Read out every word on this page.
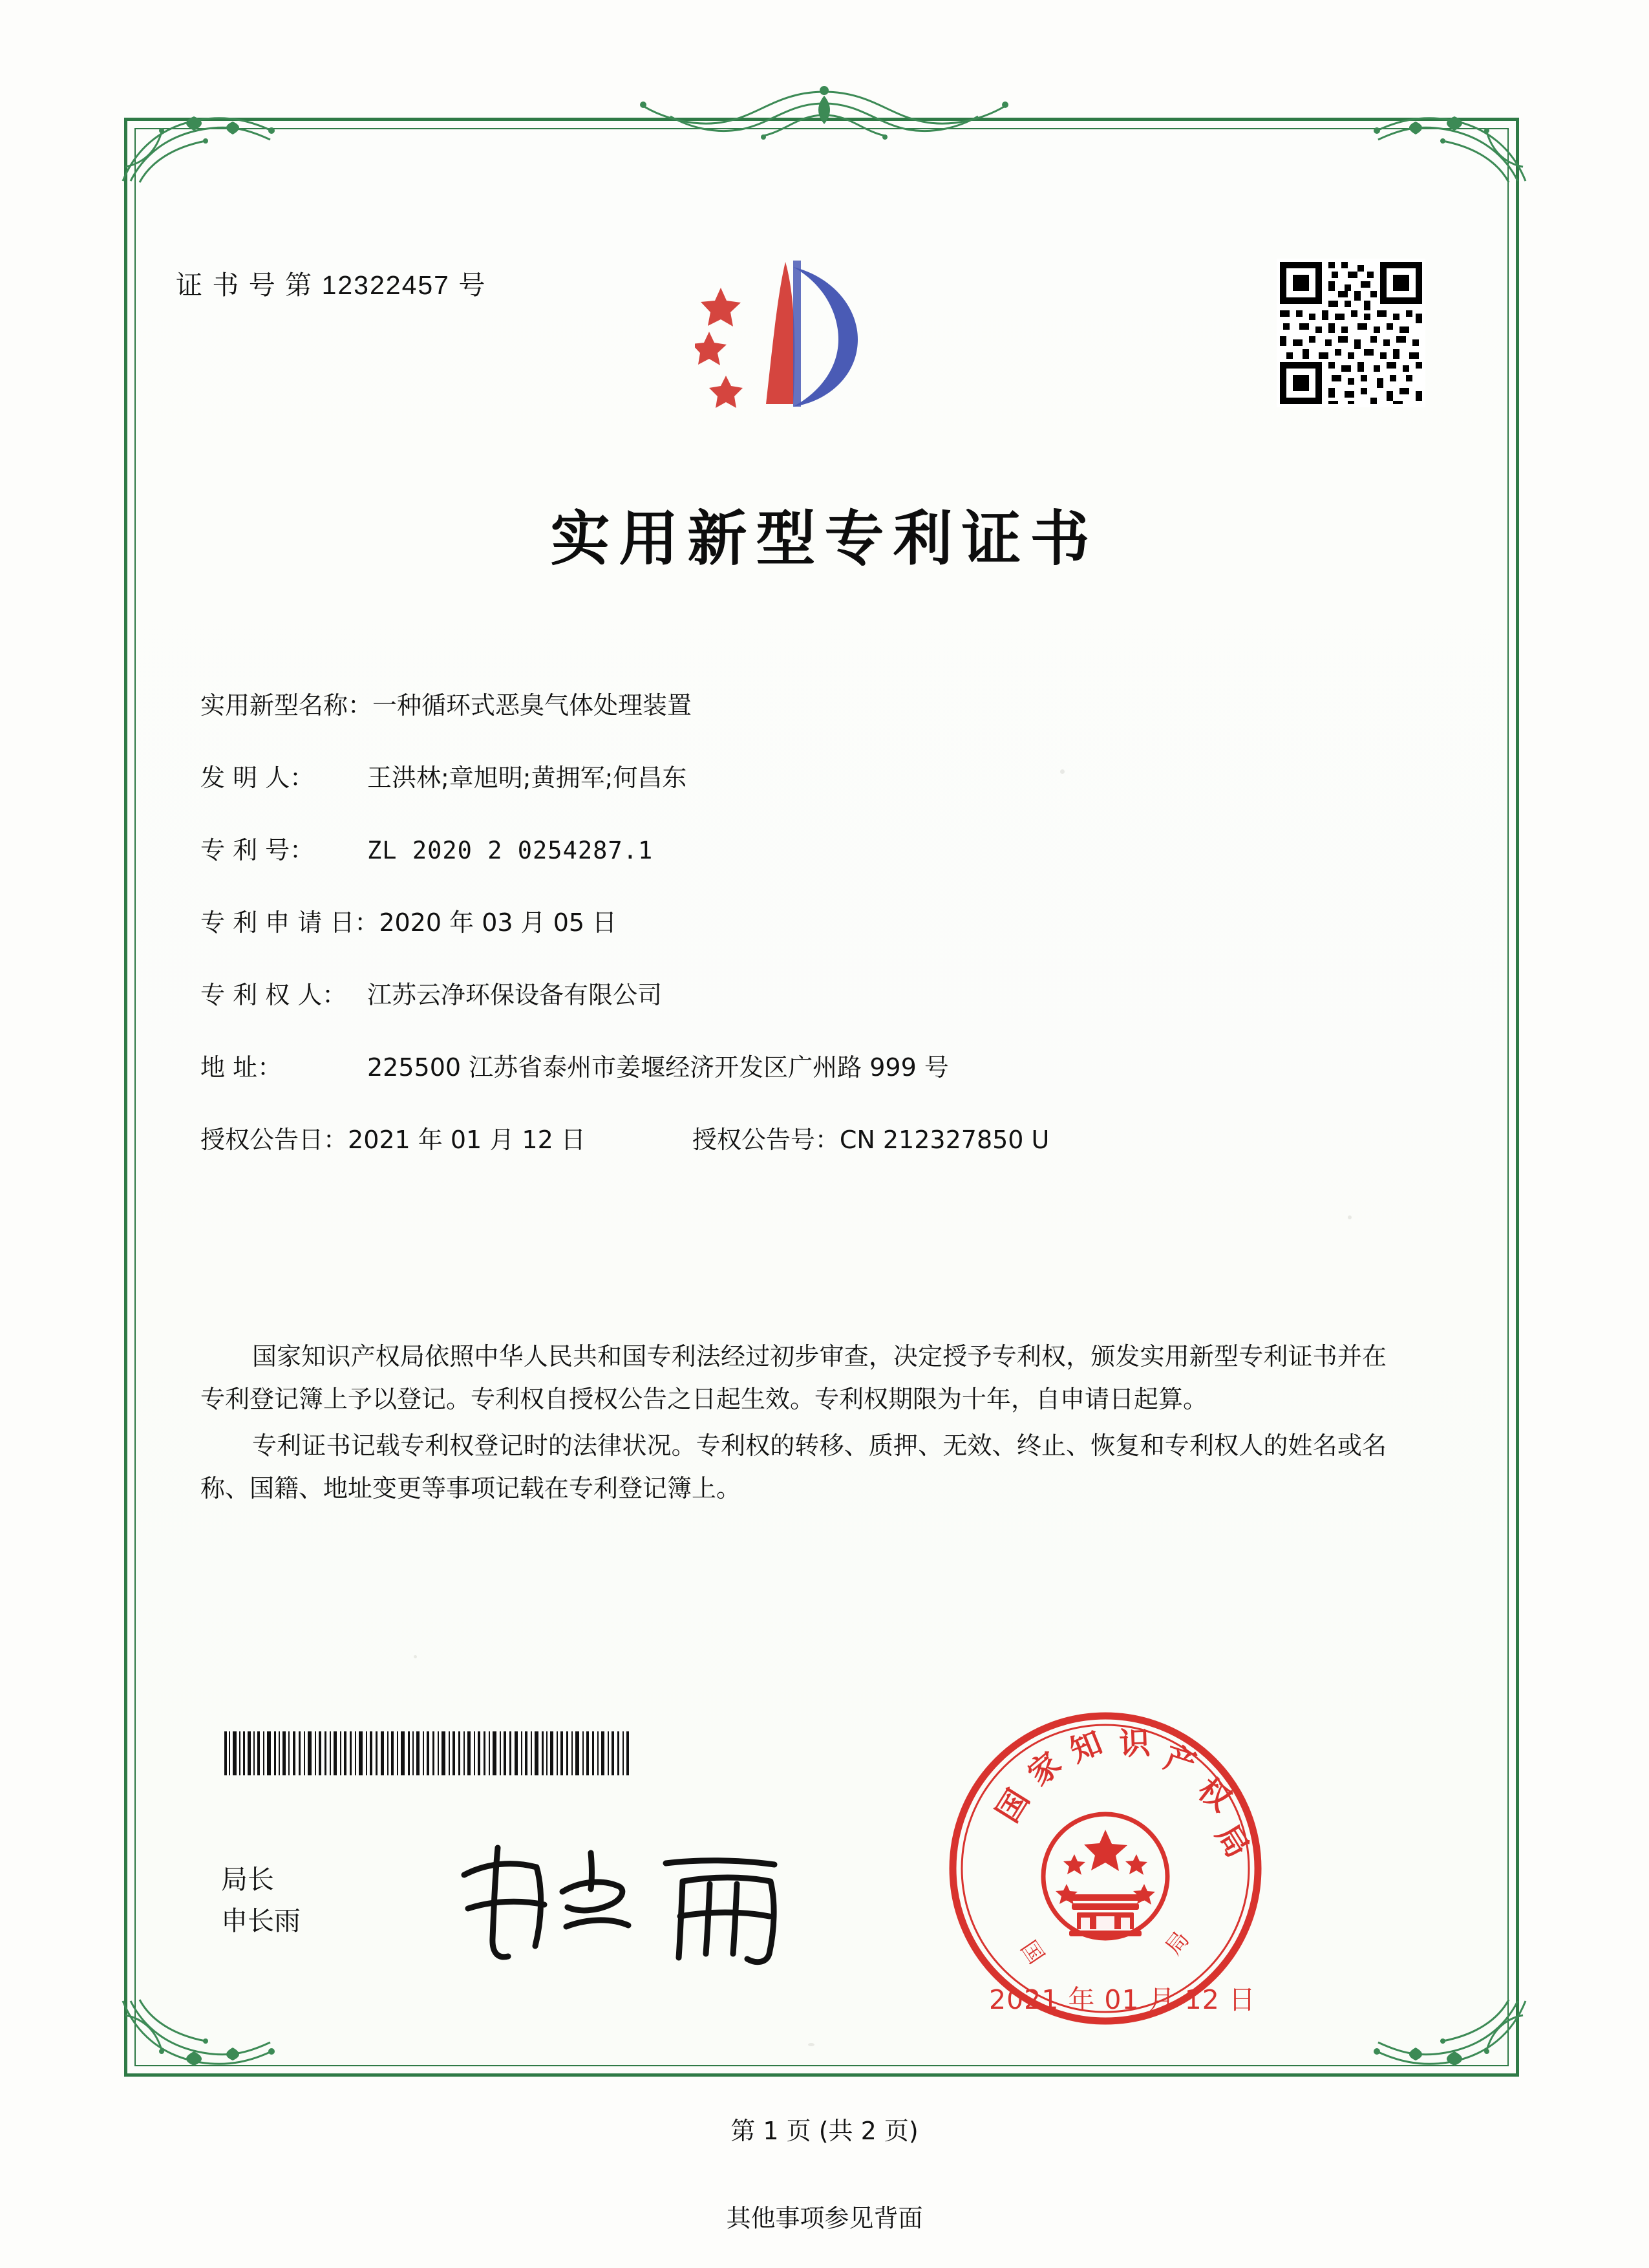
证 书 号 第 12322457 号
实用新型专利证书
实用新型名称： 一种循环式恶臭气体处理装置
发 明 人：	王洪林;章旭明;黄拥军;何昌东
专 利 号：	ZL 2020 2 0254287.1
专 利 申 请 日： 2020 年 03 月 05 日
专 利 权 人： 江苏云净环保设备有限公司
地 址：	225500 江苏省泰州市姜堰经济开发区广州路 999 号
授权公告日： 2021 年 01 月 12 日	授权公告号： CN 212327850 U

国家知识产权局依照中华人民共和国专利法经过初步审查，决定授予专利权，颁发实用新型专利证书并在专利登记簿上予以登记。专利权自授权公告之日起生效。专利权期限为十年，自申请日起算。

专利证书记载专利权登记时的法律状况。专利权的转移、质押、无效、终止、恢复和专利权人的姓名或名称、国籍、地址变更等事项记载在专利登记簿上。

局长
申长雨
国
家
知 识 产
权
局
国	局
2021 年 01 月 12 日
第 1 页 (共 2 页)
其他事项参见背面
